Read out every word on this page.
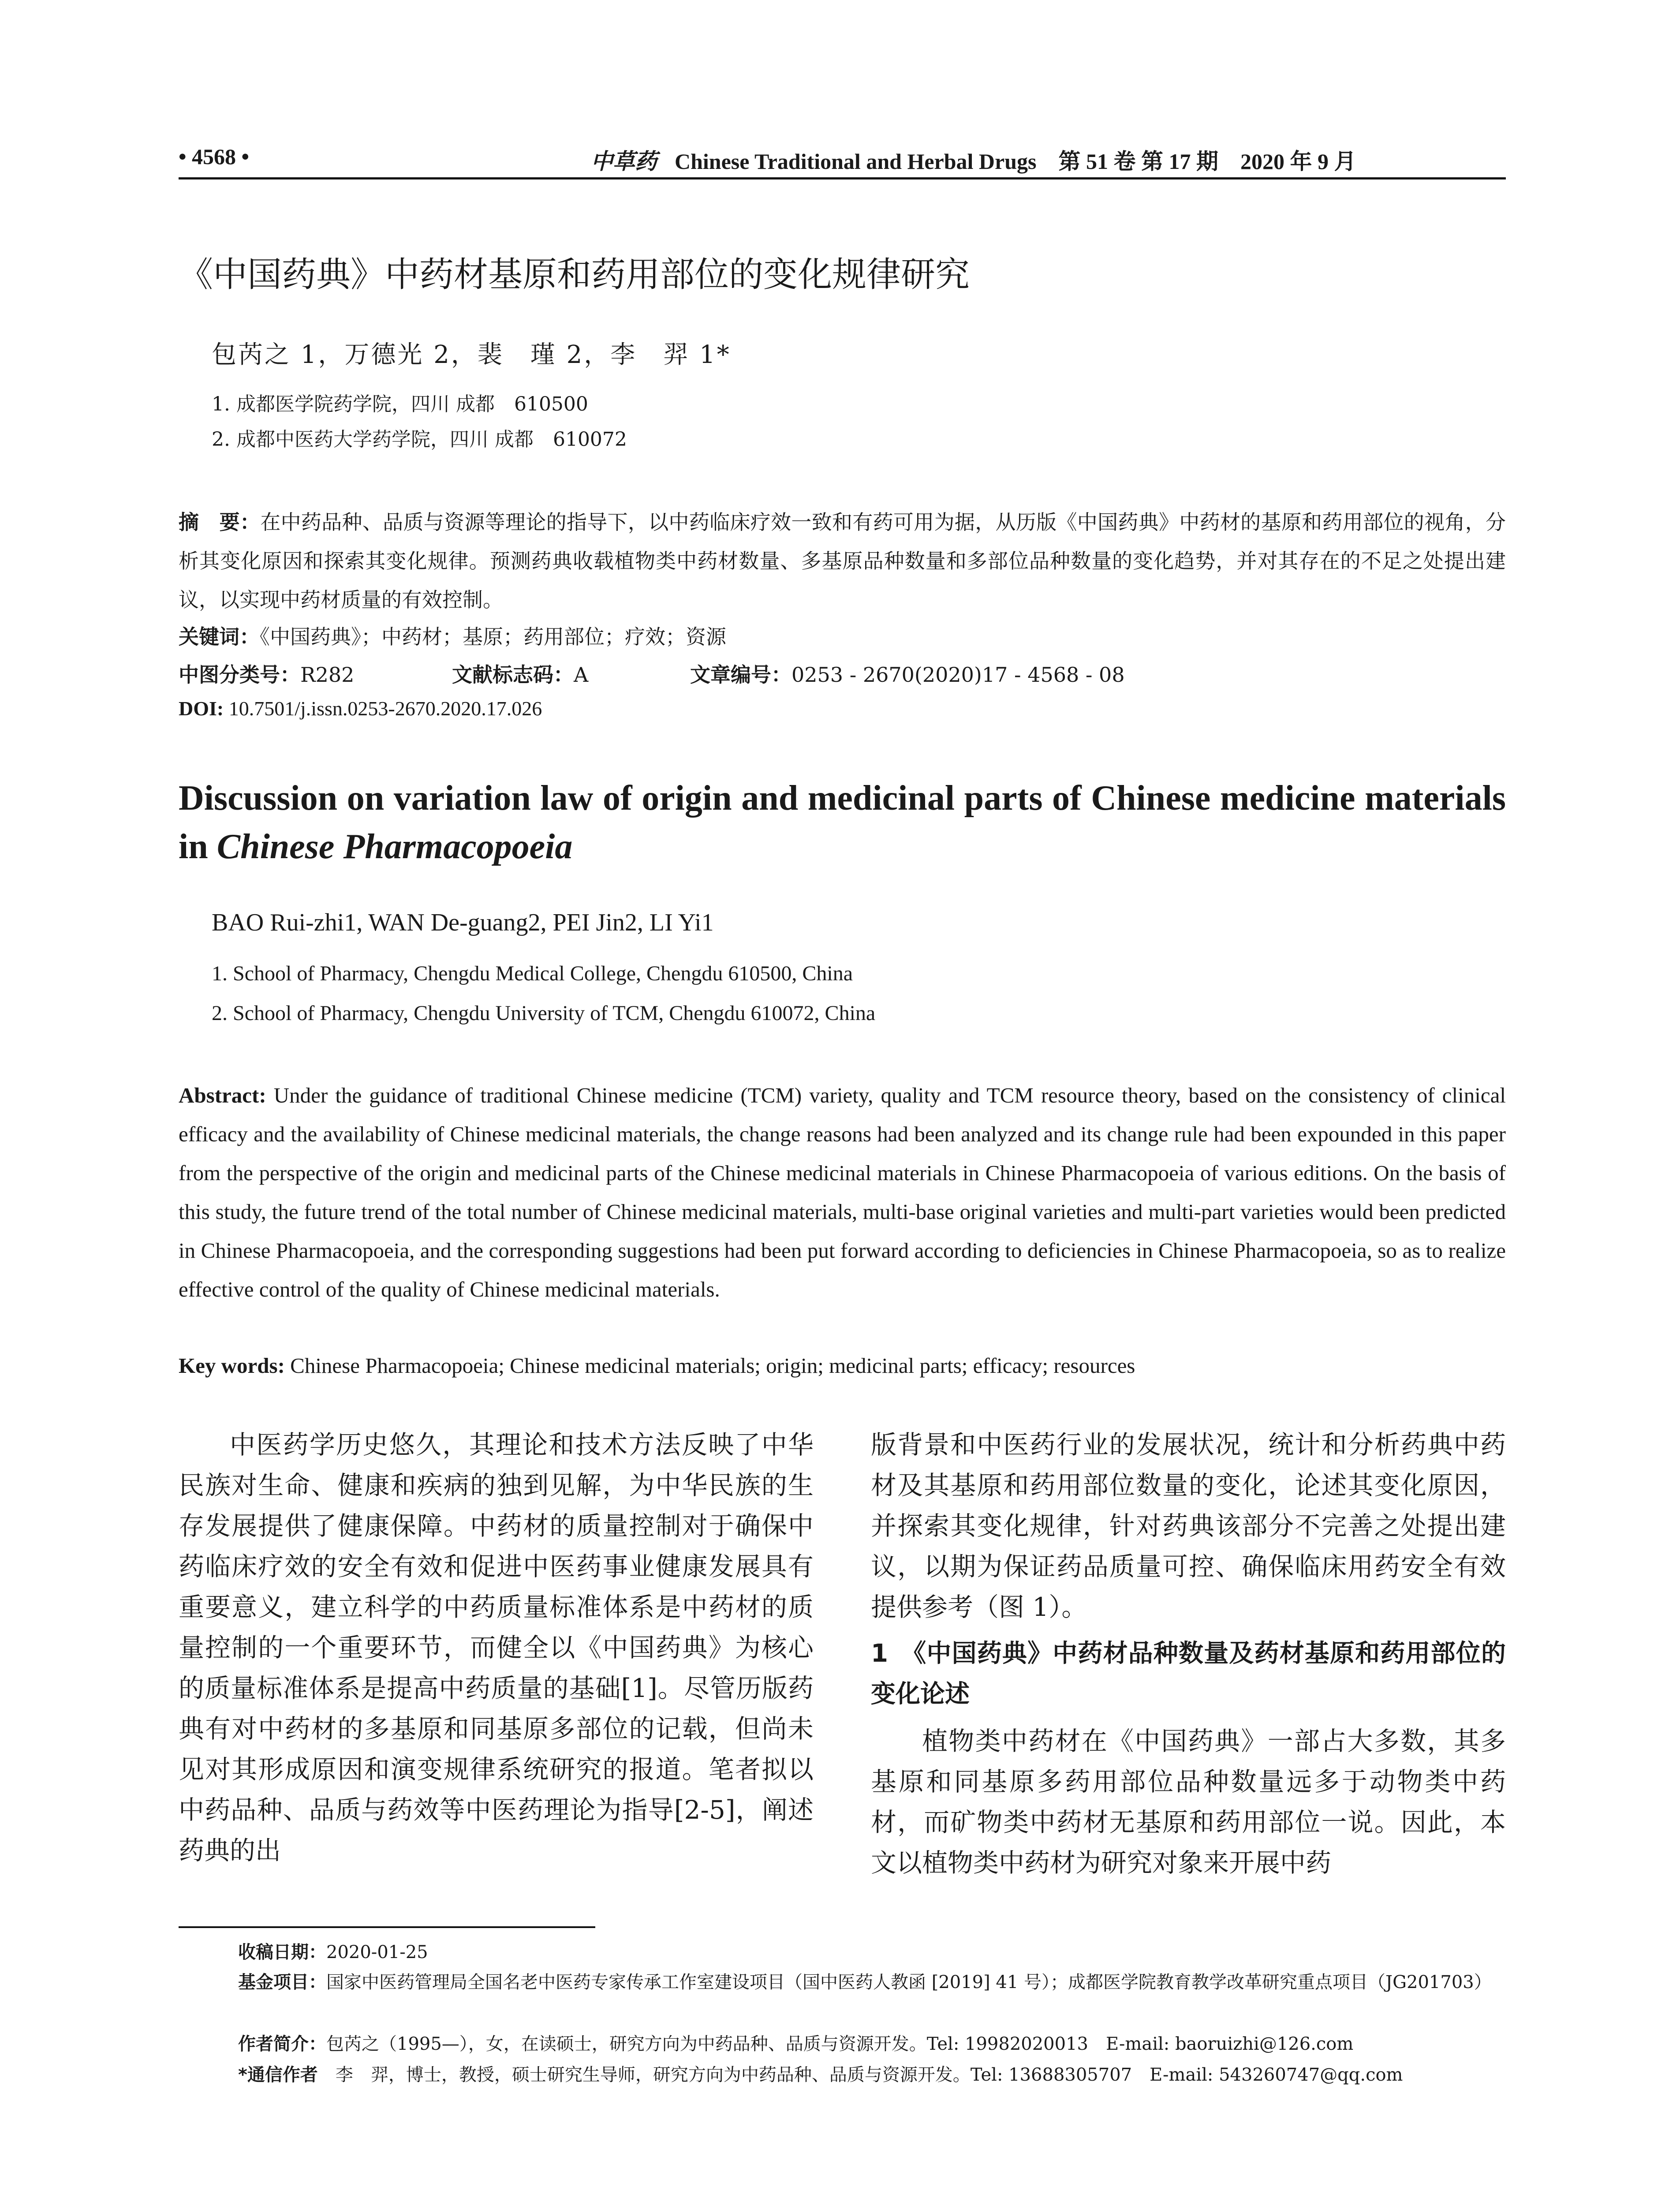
• 4568 •	中草药 Chinese Traditional and Herbal Drugs　第 51 卷 第 17 期　2020 年 9 月
《中国药典》中药材基原和药用部位的变化规律研究
包芮之 1，万德光 2，裴　瑾 2，李　羿 1*
1. 成都医学院药学院，四川 成都　610500
2. 成都中医药大学药学院，四川 成都　610072
摘　要：在中药品种、品质与资源等理论的指导下，以中药临床疗效一致和有药可用为据，从历版《中国药典》中药材的基原和药用部位的视角，分析其变化原因和探索其变化规律。预测药典收载植物类中药材数量、多基原品种数量和多部位品种数量的变化趋势，并对其存在的不足之处提出建议，以实现中药材质量的有效控制。
关键词：《中国药典》；中药材；基原；药用部位；疗效；资源
中图分类号：R282	文献标志码：A	文章编号：0253 - 2670(2020)17 - 4568 - 08
DOI: 10.7501/j.issn.0253-2670.2020.17.026
Discussion on variation law of origin and medicinal parts of Chinese medicine materials in Chinese Pharmacopoeia
BAO Rui-zhi1, WAN De-guang2, PEI Jin2, LI Yi1
1. School of Pharmacy, Chengdu Medical College, Chengdu 610500, China
2. School of Pharmacy, Chengdu University of TCM, Chengdu 610072, China
Abstract: Under the guidance of traditional Chinese medicine (TCM) variety, quality and TCM resource theory, based on the consistency of clinical efficacy and the availability of Chinese medicinal materials, the change reasons had been analyzed and its change rule had been expounded in this paper from the perspective of the origin and medicinal parts of the Chinese medicinal materials in Chinese Pharmacopoeia of various editions. On the basis of this study, the future trend of the total number of Chinese medicinal materials, multi-base original varieties and multi-part varieties would been predicted in Chinese Pharmacopoeia, and the corresponding suggestions had been put forward according to deficiencies in Chinese Pharmacopoeia, so as to realize effective control of the quality of Chinese medicinal materials.
Key words: Chinese Pharmacopoeia; Chinese medicinal materials; origin; medicinal parts; efficacy; resources

中医药学历史悠久，其理论和技术方法反映了中华民族对生命、健康和疾病的独到见解，为中华民族的生存发展提供了健康保障。中药材的质量控制对于确保中药临床疗效的安全有效和促进中医药事业健康发展具有重要意义，建立科学的中药质量标准体系是中药材的质量控制的一个重要环节，而健全以《中国药典》为核心的质量标准体系是提高中药质量的基础[1]。尽管历版药典有对中药材的多基原和同基原多部位的记载，但尚未见对其形成原因和演变规律系统研究的报道。笔者拟以中药品种、品质与药效等中医药理论为指导[2-5]，阐述药典的出

版背景和中医药行业的发展状况，统计和分析药典中药材及其基原和药用部位数量的变化，论述其变化原因，并探索其变化规律，针对药典该部分不完善之处提出建议，以期为保证药品质量可控、确保临床用药安全有效提供参考（图 1）。

1　《中国药典》中药材品种数量及药材基原和药用部位的变化论述

植物类中药材在《中国药典》一部占大多数，其多基原和同基原多药用部位品种数量远多于动物类中药材，而矿物类中药材无基原和药用部位一说。因此，本文以植物类中药材为研究对象来开展中药

收稿日期：2020-01-25
基金项目：国家中医药管理局全国名老中医药专家传承工作室建设项目（国中医药人教函 [2019] 41 号）；成都医学院教育教学改革研究重点项目（JG201703）
作者简介：包芮之（1995—），女，在读硕士，研究方向为中药品种、品质与资源开发。Tel: 19982020013　E-mail: baoruizhi@126.com
*通信作者　李　羿，博士，教授，硕士研究生导师，研究方向为中药品种、品质与资源开发。Tel: 13688305707　E-mail: 543260747@qq.com
